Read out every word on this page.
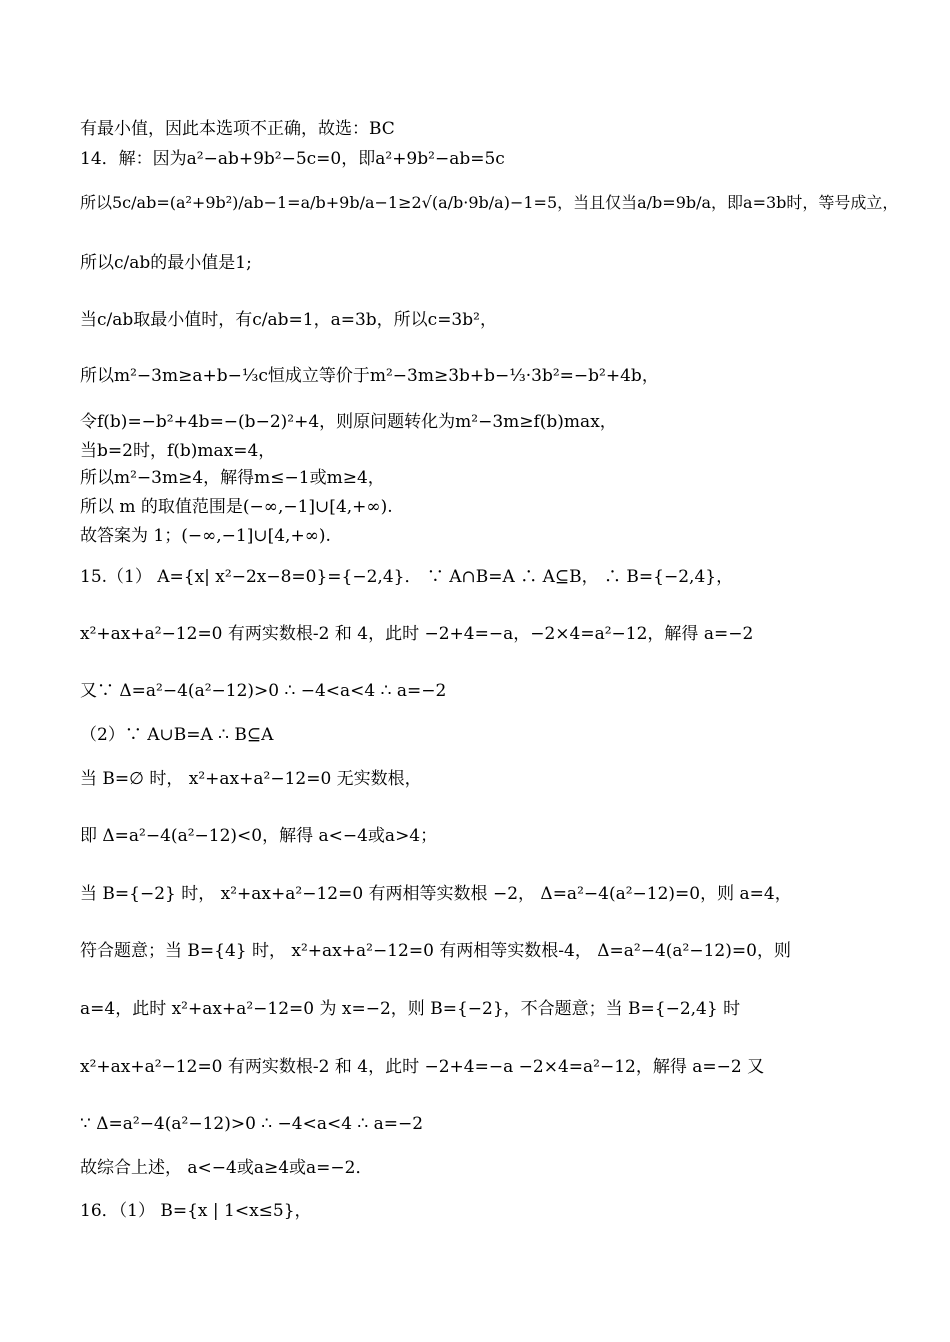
有最小值，因此本选项不正确，故选：BC
14．解：因为a²−ab+9b²−5c=0，即a²+9b²−ab=5c
所以5c/ab=(a²+9b²)/ab−1=a/b+9b/a−1≥2√(a/b·9b/a)−1=5，当且仅当a/b=9b/a，即a=3b时，等号成立，
所以c/ab的最小值是1;
当c/ab取最小值时，有c/ab=1，a=3b，所以c=3b²，
所以m²−3m≥a+b−⅓c恒成立等价于m²−3m≥3b+b−⅓·3b²=−b²+4b，
令f(b)=−b²+4b=−(b−2)²+4，则原问题转化为m²−3m≥f(b)max，
当b=2时，f(b)max=4，
所以m²−3m≥4，解得m≤−1或m≥4，
所以 m 的取值范围是(−∞,−1]∪[4,+∞).
故答案为 1；(−∞,−1]∪[4,+∞).
15.（1） A={x| x²−2x−8=0}={−2,4}． ∵ A∩B=A ∴ A⊆B， ∴ B={−2,4}，
x²+ax+a²−12=0 有两实数根-2 和 4，此时 −2+4=−a，−2×4=a²−12，解得 a=−2
又∵ Δ=a²−4(a²−12)>0 ∴ −4<a<4 ∴ a=−2
（2）∵ A∪B=A ∴ B⊆A
当 B=∅ 时， x²+ax+a²−12=0 无实数根，
即 Δ=a²−4(a²−12)<0，解得 a<−4或a>4；
当 B={−2} 时， x²+ax+a²−12=0 有两相等实数根 −2， Δ=a²−4(a²−12)=0，则 a=4，
符合题意；当 B={4} 时， x²+ax+a²−12=0 有两相等实数根-4， Δ=a²−4(a²−12)=0，则
a=4，此时 x²+ax+a²−12=0 为 x=−2，则 B={−2}，不合题意；当 B={−2,4} 时
x²+ax+a²−12=0 有两实数根-2 和 4，此时 −2+4=−a −2×4=a²−12，解得 a=−2 又
∵ Δ=a²−4(a²−12)>0 ∴ −4<a<4 ∴ a=−2
故综合上述， a<−4或a≥4或a=−2．
16．（1） B={x | 1<x≤5}，
